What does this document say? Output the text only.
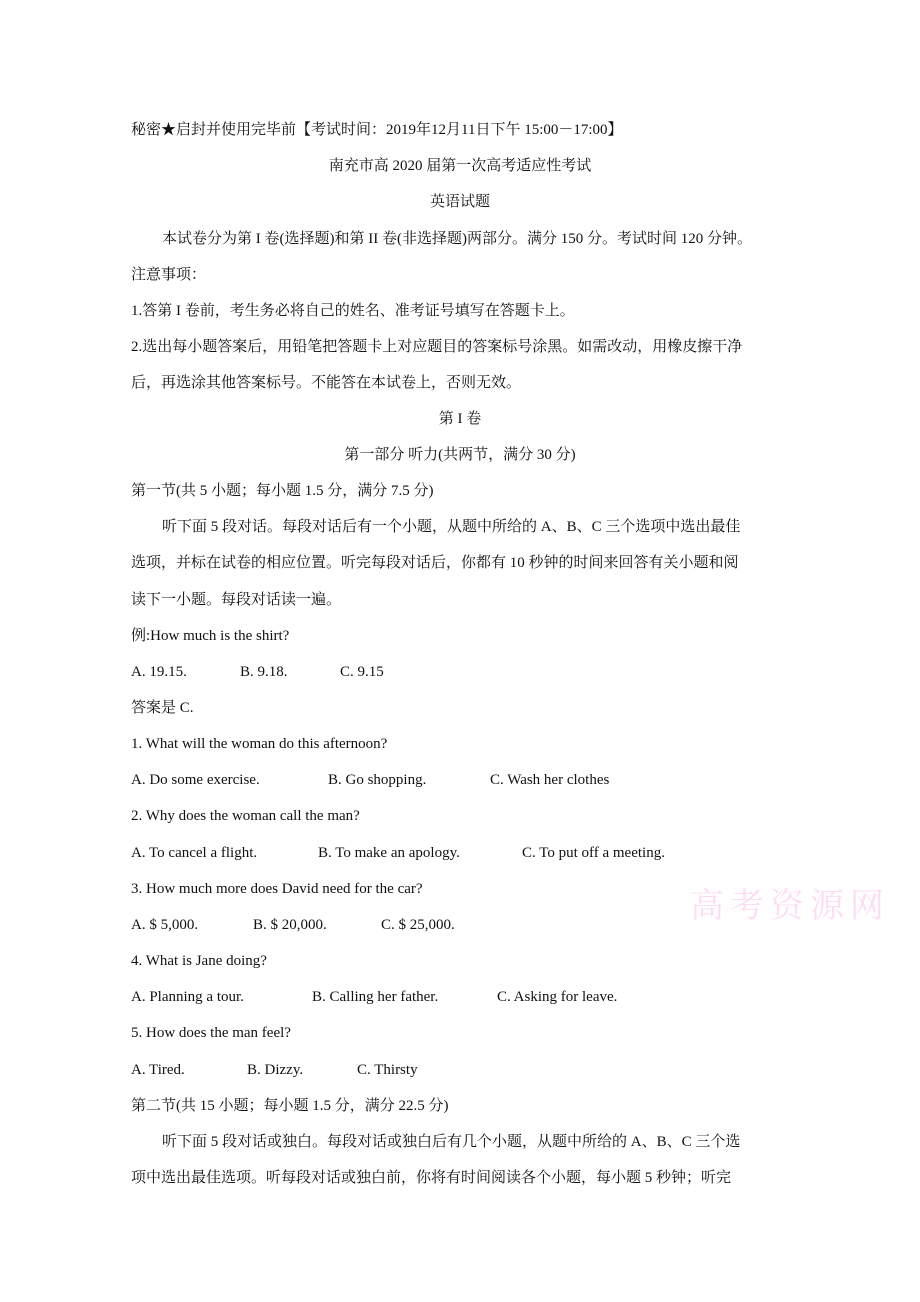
秘密★启封并使用完毕前【考试时间：2019年12月11日下午 15:00－17:00】
南充市高 2020 届第一次高考适应性考试
英语试题
本试卷分为第 I 卷(选择题)和第 II 卷(非选择题)两部分。满分 150 分。考试时间 120 分钟。
注意事项：
1.答第 I 卷前，考生务必将自己的姓名、准考证号填写在答题卡上。
2.选出每小题答案后，用铅笔把答题卡上对应题目的答案标号涂黑。如需改动，用橡皮擦干净
后，再选涂其他答案标号。不能答在本试卷上，否则无效。
第 I 卷
第一部分 听力(共两节，满分 30 分)
第一节(共 5 小题；每小题 1.5 分，满分 7.5 分)
听下面 5 段对话。每段对话后有一个小题，从题中所给的 A、B、C 三个选项中选出最佳
选项，并标在试卷的相应位置。听完每段对话后，你都有 10 秒钟的时间来回答有关小题和阅
读下一小题。每段对话读一遍。
例:How much is the shirt?
A. 19.15.	B. 9.18.	C. 9.15
答案是 C.
1. What will the woman do this afternoon?
A. Do some exercise.	B. Go shopping.	C. Wash her clothes
2. Why does the woman call the man?
A. To cancel a flight.	B. To make an apology.	C. To put off a meeting.
3. How much more does David need for the car?
A. $ 5,000.	B. $ 20,000.	C. $ 25,000.
4. What is Jane doing?
A. Planning a tour.	B. Calling her father.	C. Asking for leave.
5. How does the man feel?
A. Tired.	B. Dizzy.	C. Thirsty
第二节(共 15 小题；每小题 1.5 分，满分 22.5 分)
听下面 5 段对话或独白。每段对话或独白后有几个小题，从题中所给的 A、B、C 三个选
项中选出最佳选项。听每段对话或独白前，你将有时间阅读各个小题，每小题 5 秒钟；听完
高考资源网
